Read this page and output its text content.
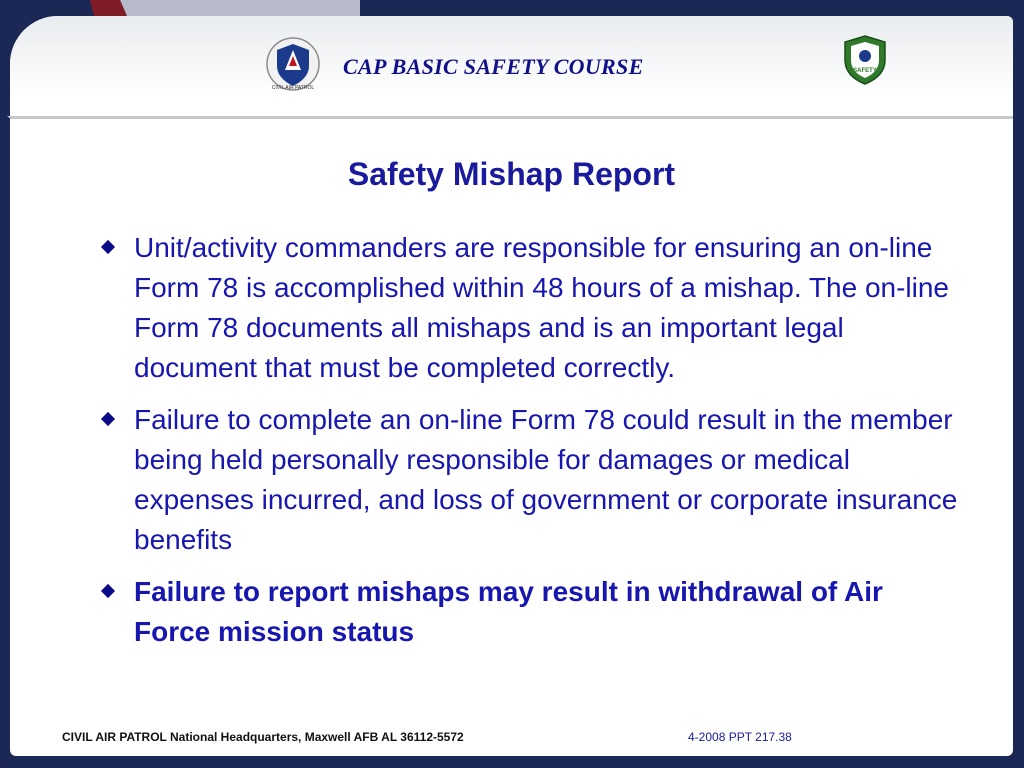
CIVIL AIR PATROL
CAP BASIC SAFETY COURSE	SAFETY
Safety Mishap Report
Unit/activity commanders are responsible for ensuring an on-line Form 78 is accomplished within 48 hours of a mishap. The on-line Form 78 documents all mishaps and is an important legal document that must be completed correctly.
Failure to complete an on-line Form 78 could result in the member being held personally responsible for damages or medical expenses incurred, and loss of government or corporate insurance benefits
Failure to report mishaps may result in withdrawal of Air Force mission status
CIVIL AIR PATROL National Headquarters, Maxwell AFB AL 36112-5572	4-2008 PPT 217.38
